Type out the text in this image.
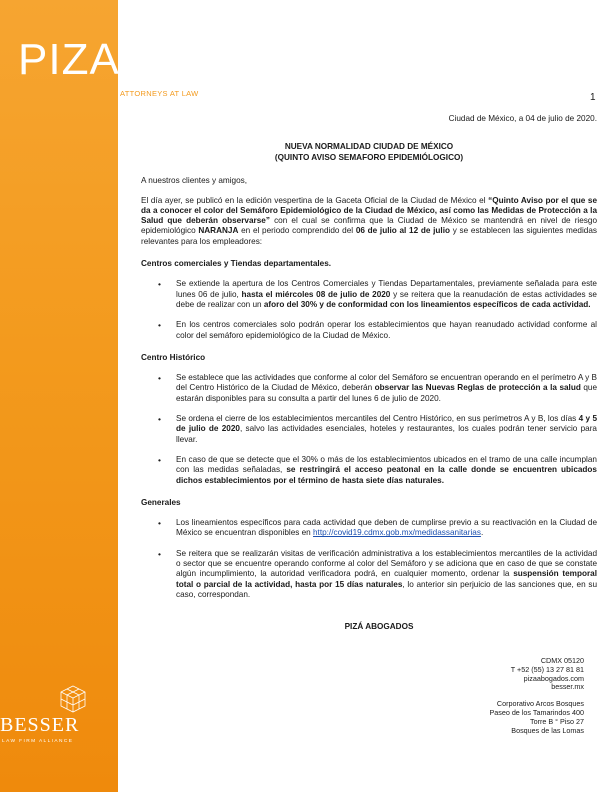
PIZA
ATTORNEYS AT LAW
BESSER
LAW FIRM ALLIANCE
1
Ciudad de México, a 04 de julio de 2020.
NUEVA NORMALIDAD CIUDAD DE MÉXICO
(QUINTO AVISO SEMAFORO EPIDEMIÓLOGICO)

A nuestros clientes y amigos,

El día ayer, se publicó en la edición vespertina de la Gaceta Oficial de la Ciudad de México el “Quinto Aviso por el que se da a conocer el color del Semáforo Epidemiológico de la Ciudad de México, así como las Medidas de Protección a la Salud que deberán observarse” con el cual se confirma que la Ciudad de México se mantendrá en nivel de riesgo epidemiológico NARANJA en el periodo comprendido del 06 de julio al 12 de julio y se establecen las siguientes medidas relevantes para los empleadores:

Centros comerciales y Tiendas departamentales.
• Se extiende la apertura de los Centros Comerciales y Tiendas Departamentales, previamente señalada para este lunes 06 de julio, hasta el miércoles 08 de julio de 2020 y se reitera que la reanudación de estas actividades se debe de realizar con un aforo del 30% y de conformidad con los lineamientos específicos de cada actividad.
• En los centros comerciales solo podrán operar los establecimientos que hayan reanudado actividad conforme al color del semáforo epidemiológico de la Ciudad de México.
Centro Histórico
• Se establece que las actividades que conforme al color del Semáforo se encuentran operando en el perímetro A y B del Centro Histórico de la Ciudad de México, deberán observar las Nuevas Reglas de protección a la salud que estarán disponibles para su consulta a partir del lunes 6 de julio de 2020.
• Se ordena el cierre de los establecimientos mercantiles del Centro Histórico, en sus perímetros A y B, los días 4 y 5 de julio de 2020, salvo las actividades esenciales, hoteles y restaurantes, los cuales podrán tener servicio para llevar.
• En caso de que se detecte que el 30% o más de los establecimientos ubicados en el tramo de una calle incumplan con las medidas señaladas, se restringirá el acceso peatonal en la calle donde se encuentren ubicados dichos establecimientos por el término de hasta siete días naturales.
Generales
• Los lineamientos específicos para cada actividad que deben de cumplirse previo a su reactivación en la Ciudad de México se encuentran disponibles en http://covid19.cdmx.gob.mx/medidassanitarias.
• Se reitera que se realizarán visitas de verificación administrativa a los establecimientos mercantiles de la actividad o sector que se encuentre operando conforme al color del Semáforo y se adiciona que en caso de que se constate algún incumplimiento, la autoridad verificadora podrá, en cualquier momento, ordenar la suspensión temporal total o parcial de la actividad, hasta por 15 días naturales, lo anterior sin perjuicio de las sanciones que, en su caso, correspondan.
PIZÁ ABOGADOS
CDMX 05120
T +52 (55) 13 27 81 81
pizaabogados.com
besser.mx
Corporativo Arcos Bosques
Paseo de los Tamarindos 400
Torre B ° Piso 27
Bosques de las Lomas
